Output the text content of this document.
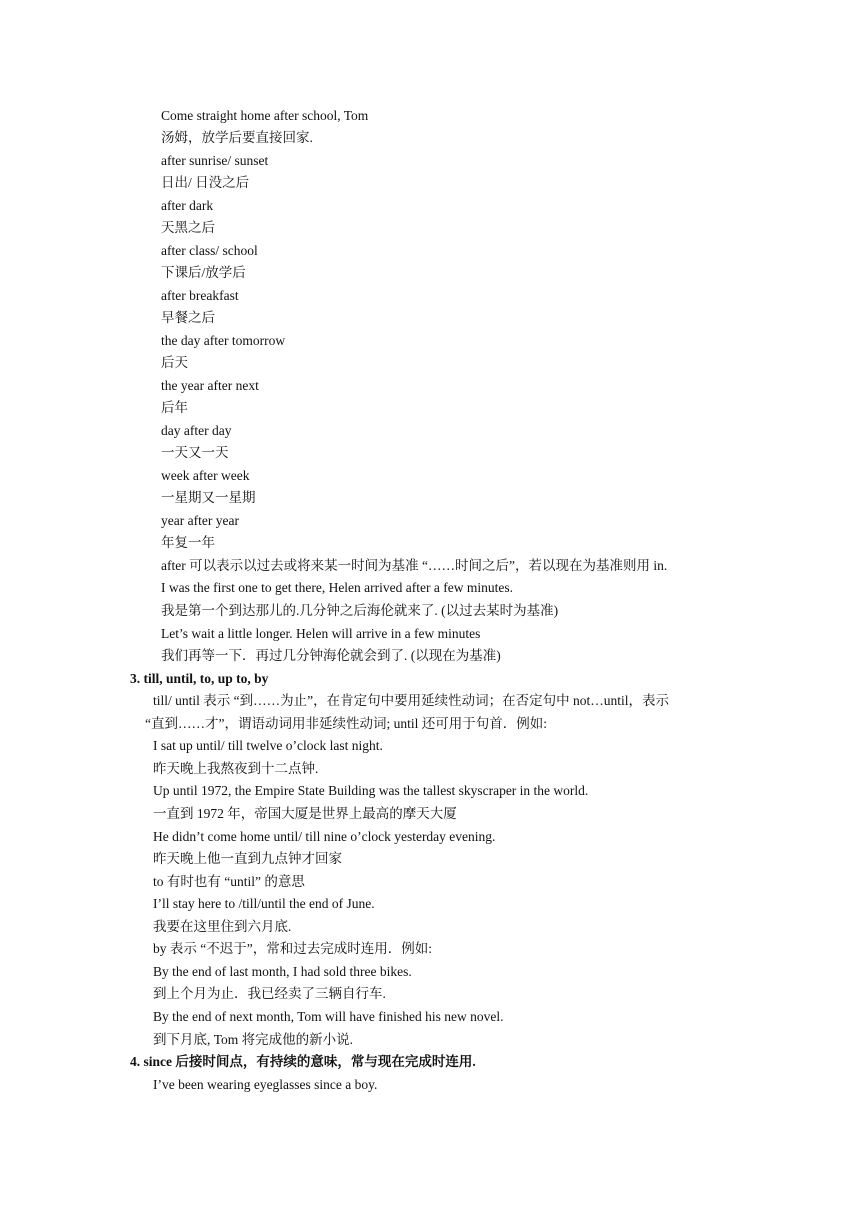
Come straight home after school, Tom
汤姆，放学后要直接回家.
after sunrise/ sunset
日出/ 日没之后
after dark
天黑之后
after class/ school
下课后/放学后
after breakfast
早餐之后
the day after tomorrow
后天
the year after next
后年
day after day
一天又一天
week after week
一星期又一星期
year after year
年复一年
after 可以表示以过去或将来某一时间为基准 “……时间之后”，若以现在为基准则用 in.
I was the first one to get there, Helen arrived after a few minutes.
我是第一个到达那儿的.几分钟之后海伦就来了. (以过去某时为基准)
Let’s wait a little longer. Helen will arrive in a few minutes
我们再等一下．再过几分钟海伦就会到了. (以现在为基准)
3. till, until, to, up to, by
till/ until 表示 “到……为止”，在肯定句中要用延续性动词；在否定句中 not…until，表示
“直到……才”，谓语动词用非延续性动词; until 还可用于句首．例如:
I sat up until/ till twelve o’clock last night.
昨天晚上我熬夜到十二点钟.
Up until 1972, the Empire State Building was the tallest skyscraper in the world.
一直到 1972 年，帝国大厦是世界上最高的摩天大厦
He didn’t come home until/ till nine o’clock yesterday evening.
昨天晚上他一直到九点钟才回家
to 有时也有 “until” 的意思
I’ll stay here to /till/until the end of June.
我要在这里住到六月底.
by 表示 “不迟于”，常和过去完成时连用．例如:
By the end of last month, I had sold three bikes.
到上个月为止．我已经卖了三辆自行车.
By the end of next month, Tom will have finished his new novel.
到下月底, Tom 将完成他的新小说.
4. since 后接时间点，有持续的意味，常与现在完成时连用.
I’ve been wearing eyeglasses since a boy.
